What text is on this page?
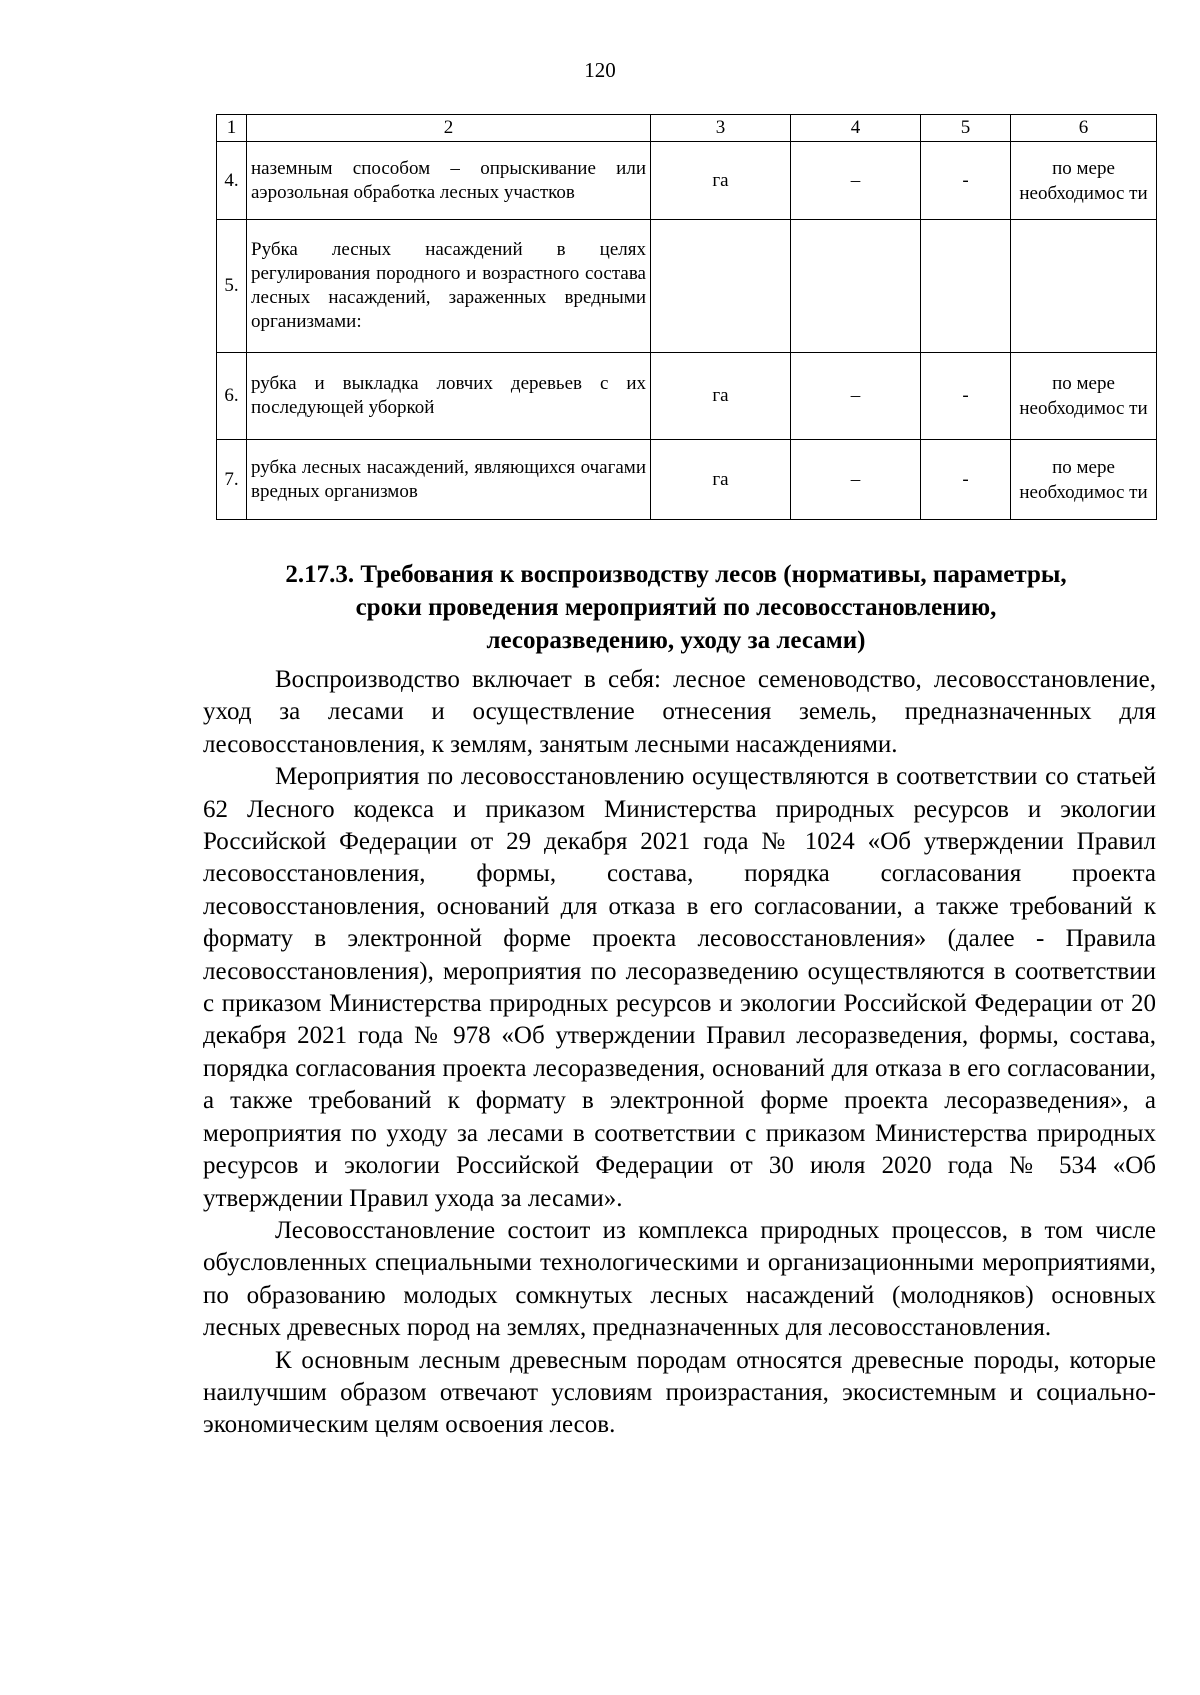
120
1	2	3	4	5	6
4.	наземным способом – опрыскивание или аэрозольная обработка лесных участков	га	–	-	по мере необходимос ти
5.	Рубка лесных насаждений в целях регулирования породного и возрастного состава лесных насаждений, зараженных вредными организмами:				
6.	рубка и выкладка ловчих деревьев с их последующей уборкой	га	–	-	по мере необходимос ти
7.	рубка лесных насаждений, являющихся очагами вредных организмов	га	–	-	по мере необходимос ти
2.17.3. Требования к воспроизводству лесов (нормативы, параметры,
сроки проведения мероприятий по лесовосстановлению,
лесоразведению, уходу за лесами)

Воспроизводство включает в себя: лесное семеноводство, лесовосстановление, уход за лесами и осуществление отнесения земель, предназначенных для лесовосстановления, к землям, занятым лесными насаждениями.

Мероприятия по лесовосстановлению осуществляются в соответствии со статьей 62 Лесного кодекса и приказом Министерства природных ресурсов и экологии Российской Федерации от 29 декабря 2021 года № 1024 «Об утверждении Правил лесовосстановления, формы, состава, порядка согласования проекта лесовосстановления, оснований для отказа в его согласовании, а также требований к формату в электронной форме проекта лесовосстановления» (далее - Правила лесовосстановления), мероприятия по лесоразведению осуществляются в соответствии с приказом Министерства природных ресурсов и экологии Российской Федерации от 20 декабря 2021 года № 978 «Об утверждении Правил лесоразведения, формы, состава, порядка согласования проекта лесоразведения, оснований для отказа в его согласовании, а также требований к формату в электронной форме проекта лесоразведения», а мероприятия по уходу за лесами в соответствии с приказом Министерства природных ресурсов и экологии Российской Федерации от 30 июля 2020 года № 534 «Об утверждении Правил ухода за лесами».

Лесовосстановление состоит из комплекса природных процессов, в том числе обусловленных специальными технологическими и организационными мероприятиями, по образованию молодых сомкнутых лесных насаждений (молодняков) основных лесных древесных пород на землях, предназначенных для лесовосстановления.

К основным лесным древесным породам относятся древесные породы, которые наилучшим образом отвечают условиям произрастания, экосистемным и социально-экономическим целям освоения лесов.
